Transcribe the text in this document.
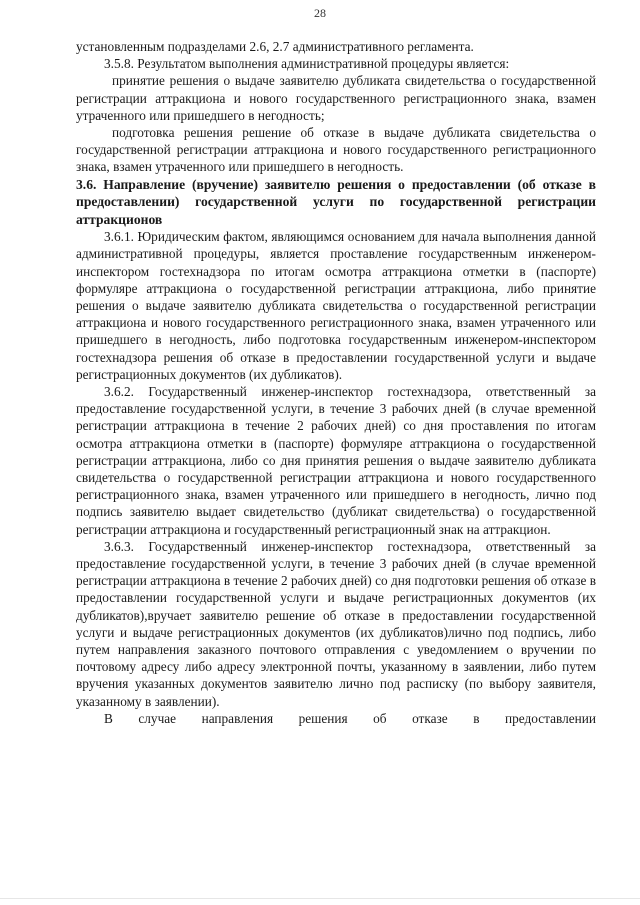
28

установленным подразделами 2.6, 2.7 административного регламента.

3.5.8. Результатом выполнения административной процедуры является:

принятие решения о выдаче заявителю дубликата свидетельства о государственной регистрации аттракциона и нового государственного регистрационного знака, взамен утраченного или пришедшего в негодность;

подготовка решения решение об отказе в выдаче дубликата свидетельства о государственной регистрации аттракциона и нового государственного регистрационного знака, взамен утраченного или пришедшего в негодность.

3.6. Направление (вручение) заявителю решения о предоставлении (об отказе в предоставлении) государственной услуги по государственной регистрации аттракционов

3.6.1. Юридическим фактом, являющимся основанием для начала выполнения данной административной процедуры, является проставление государственным инженером-инспектором гостехнадзора по итогам осмотра аттракциона отметки в (паспорте) формуляре аттракциона о государственной регистрации аттракциона, либо принятие решения о выдаче заявителю дубликата свидетельства о государственной регистрации аттракциона и нового государственного регистрационного знака, взамен утраченного или пришедшего в негодность, либо подготовка государственным инженером-инспектором гостехнадзора решения об отказе в предоставлении государственной услуги и выдаче регистрационных документов (их дубликатов).

3.6.2. Государственный инженер-инспектор гостехнадзора, ответственный за предоставление государственной услуги, в течение 3 рабочих дней (в случае временной регистрации аттракциона в течение 2 рабочих дней) со дня проставления по итогам осмотра аттракциона отметки в (паспорте) формуляре аттракциона о государственной регистрации аттракциона, либо со дня принятия решения о выдаче заявителю дубликата свидетельства о государственной регистрации аттракциона и нового государственного регистрационного знака, взамен утраченного или пришедшего в негодность, лично под подпись заявителю выдает свидетельство (дубликат свидетельства) о государственной регистрации аттракциона и государственный регистрационный знак на аттракцион.

3.6.3. Государственный инженер-инспектор гостехнадзора, ответственный за предоставление государственной услуги, в течение 3 рабочих дней (в случае временной регистрации аттракциона в течение 2 рабочих дней) со дня подготовки решения об отказе в предоставлении государственной услуги и выдаче регистрационных документов (их дубликатов),вручает заявителю решение об отказе в предоставлении государственной услуги и выдаче регистрационных документов (их дубликатов)лично под подпись, либо путем направления заказного почтового отправления с уведомлением о вручении по почтовому адресу либо адресу электронной почты, указанному в заявлении, либо путем вручения указанных документов заявителю лично под расписку (по выбору заявителя, указанному в заявлении).

В случае направления решения об отказе в предоставлении
